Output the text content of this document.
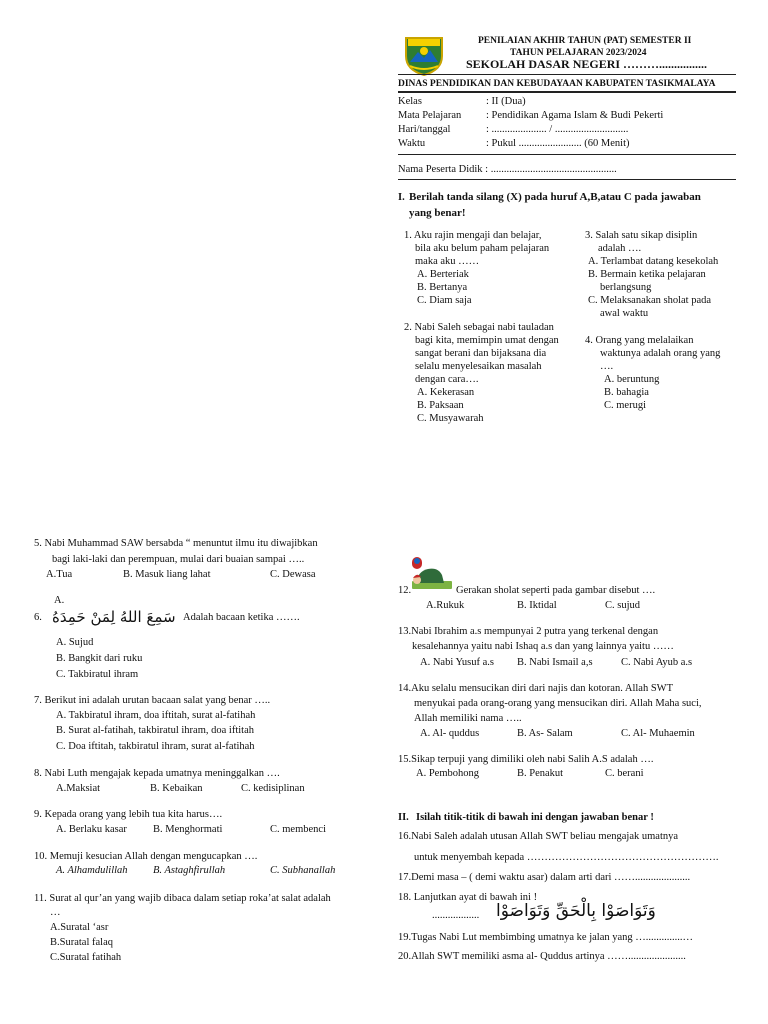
PENILAIAN AKHIR TAHUN (PAT) SEMESTER II
TAHUN PELAJARAN 2023/2024
SEKOLAH DASAR NEGERI ………................
DINAS PENDIDIKAN DAN KEBUDAYAAN KABUPATEN TASIKMALAYA
Kelas	: II (Dua)
Mata Pelajaran : Pendidikan Agama Islam & Budi Pekerti
Hari/tanggal	: ..................... / ............................
Waktu	: Pukul ........................ (60 Menit)
Nama Peserta Didik : ................................................
I. Berilah tanda silang (X) pada huruf A,B,atau C pada jawaban
yang benar!
1. Aku rajin mengaji dan belajar,
bila aku belum paham pelajaran
maka aku ……
A. Berteriak
B. Bertanya
C. Diam saja
2. Nabi Saleh sebagai nabi tauladan
bagi kita, memimpin umat dengan
sangat berani dan bijaksana dia
selalu menyelesaikan masalah
dengan cara….
A. Kekerasan
B. Paksaan
C. Musyawarah
3. Salah satu sikap disiplin
adalah ….
A. Terlambat datang kesekolah
B. Bermain ketika pelajaran
berlangsung
C. Melaksanakan sholat pada
awal waktu
4. Orang yang melalaikan
waktunya adalah orang yang
….
A. beruntung
B. bahagia
C. merugi
5. Nabi Muhammad SAW bersabda “ menuntut ilmu itu diwajibkan
bagi laki-laki dan perempuan, mulai dari buaian sampai …..
A.Tua	B. Masuk liang lahat	C. Dewasa
A.
6. سَمِعَ اللهُ لِمَنْ حَمِدَهُ Adalah bacaan ketika …….
A. Sujud
B. Bangkit dari ruku
C. Takbiratul ihram
7. Berikut ini adalah urutan bacaan salat yang benar …..
A. Takbiratul ihram, doa iftitah, surat al-fatihah
B. Surat al-fatihah, takbiratul ihram, doa iftitah
C. Doa iftitah, takbiratul ihram, surat al-fatihah
8. Nabi Luth mengajak kepada umatnya meninggalkan ….
A.Maksiat	B. Kebaikan	C. kedisiplinan
9. Kepada orang yang lebih tua kita harus….
A. Berlaku kasar B. Menghormati	C. membenci
10. Memuji kesucian Allah dengan mengucapkan ….
A. Alhamdulillah B. Astaghfirullah	C. Subhanallah
11. Surat al qur’an yang wajib dibaca dalam setiap roka’at salat adalah
…
A.Suratal ‘asr
B.Suratal falaq
C.Suratal fatihah
12.	Gerakan sholat seperti pada gambar disebut ….
A.Rukuk	B. Iktidal	C. sujud
13.Nabi Ibrahim a.s mempunyai 2 putra yang terkenal dengan
kesalehannya yaitu nabi Ishaq a.s dan yang lainnya yaitu ……
A. Nabi Yusuf a.s B. Nabi Ismail a,s	C. Nabi Ayub a.s
14.Aku selalu mensucikan diri dari najis dan kotoran. Allah SWT
menyukai pada orang-orang yang mensucikan diri. Allah Maha suci,
Allah memiliki nama …..
A. Al- quddus	B. As- Salam	C. Al- Muhaemin
15.Sikap terpuji yang dimiliki oleh nabi Salih A.S adalah ….
A. Pembohong	B. Penakut	C. berani
II. Isilah titik-titik di bawah ini dengan jawaban benar !
16.Nabi Saleh adalah utusan Allah SWT beliau mengajak umatnya
untuk menyembah kepada ……………………………………………….
17.Demi masa – ( demi waktu asar) dalam arti dari …….....................
18. Lanjutkan ayat di bawah ini !
.................. وَتَوَاصَوْا بِالْحَقِّ وَتَوَاصَوْا
19.Tugas Nabi Lut membimbing umatnya ke jalan yang …..............…
20.Allah SWT memiliki asma al- Quddus artinya ……......................
